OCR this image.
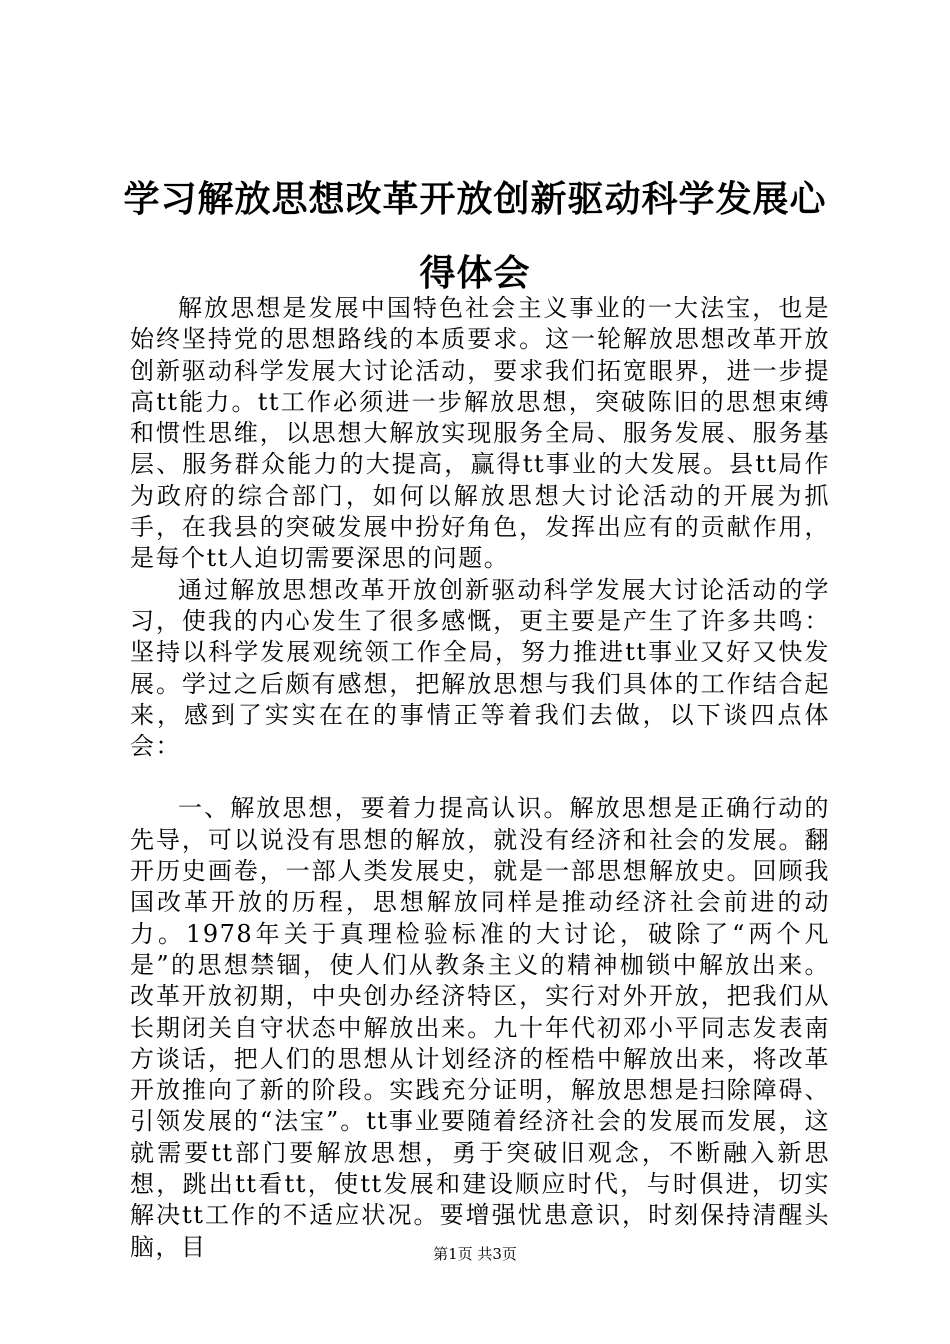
学习解放思想改革开放创新驱动科学发展心得体会

解放思想是发展中国特色社会主义事业的一大法宝，也是始终坚持党的思想路线的本质要求。这一轮解放思想改革开放创新驱动科学发展大讨论活动，要求我们拓宽眼界，进一步提高tt能力。tt工作必须进一步解放思想，突破陈旧的思想束缚和惯性思维，以思想大解放实现服务全局、服务发展、服务基层、服务群众能力的大提高，赢得tt事业的大发展。县tt局作为政府的综合部门，如何以解放思想大讨论活动的开展为抓手，在我县的突破发展中扮好角色，发挥出应有的贡献作用，是每个tt人迫切需要深思的问题。

通过解放思想改革开放创新驱动科学发展大讨论活动的学习，使我的内心发生了很多感慨，更主要是产生了许多共鸣：坚持以科学发展观统领工作全局，努力推进tt事业又好又快发展。学过之后颇有感想，把解放思想与我们具体的工作结合起来，感到了实实在在的事情正等着我们去做，以下谈四点体会：

一、解放思想，要着力提高认识。解放思想是正确行动的先导，可以说没有思想的解放，就没有经济和社会的发展。翻开历史画卷，一部人类发展史，就是一部思想解放史。回顾我国改革开放的历程，思想解放同样是推动经济社会前进的动力。1978年关于真理检验标准的大讨论，破除了“两个凡是”的思想禁锢，使人们从教条主义的精神枷锁中解放出来。改革开放初期，中央创办经济特区，实行对外开放，把我们从长期闭关自守状态中解放出来。九十年代初邓小平同志发表南方谈话，把人们的思想从计划经济的桎梏中解放出来，将改革开放推向了新的阶段。实践充分证明，解放思想是扫除障碍、引领发展的“法宝”。tt事业要随着经济社会的发展而发展，这就需要tt部门要解放思想，勇于突破旧观念，不断融入新思想，跳出tt看tt，使tt发展和建设顺应时代，与时俱进，切实解决tt工作的不适应状况。要增强忧患意识，时刻保持清醒头脑，目	第1页 共3页
